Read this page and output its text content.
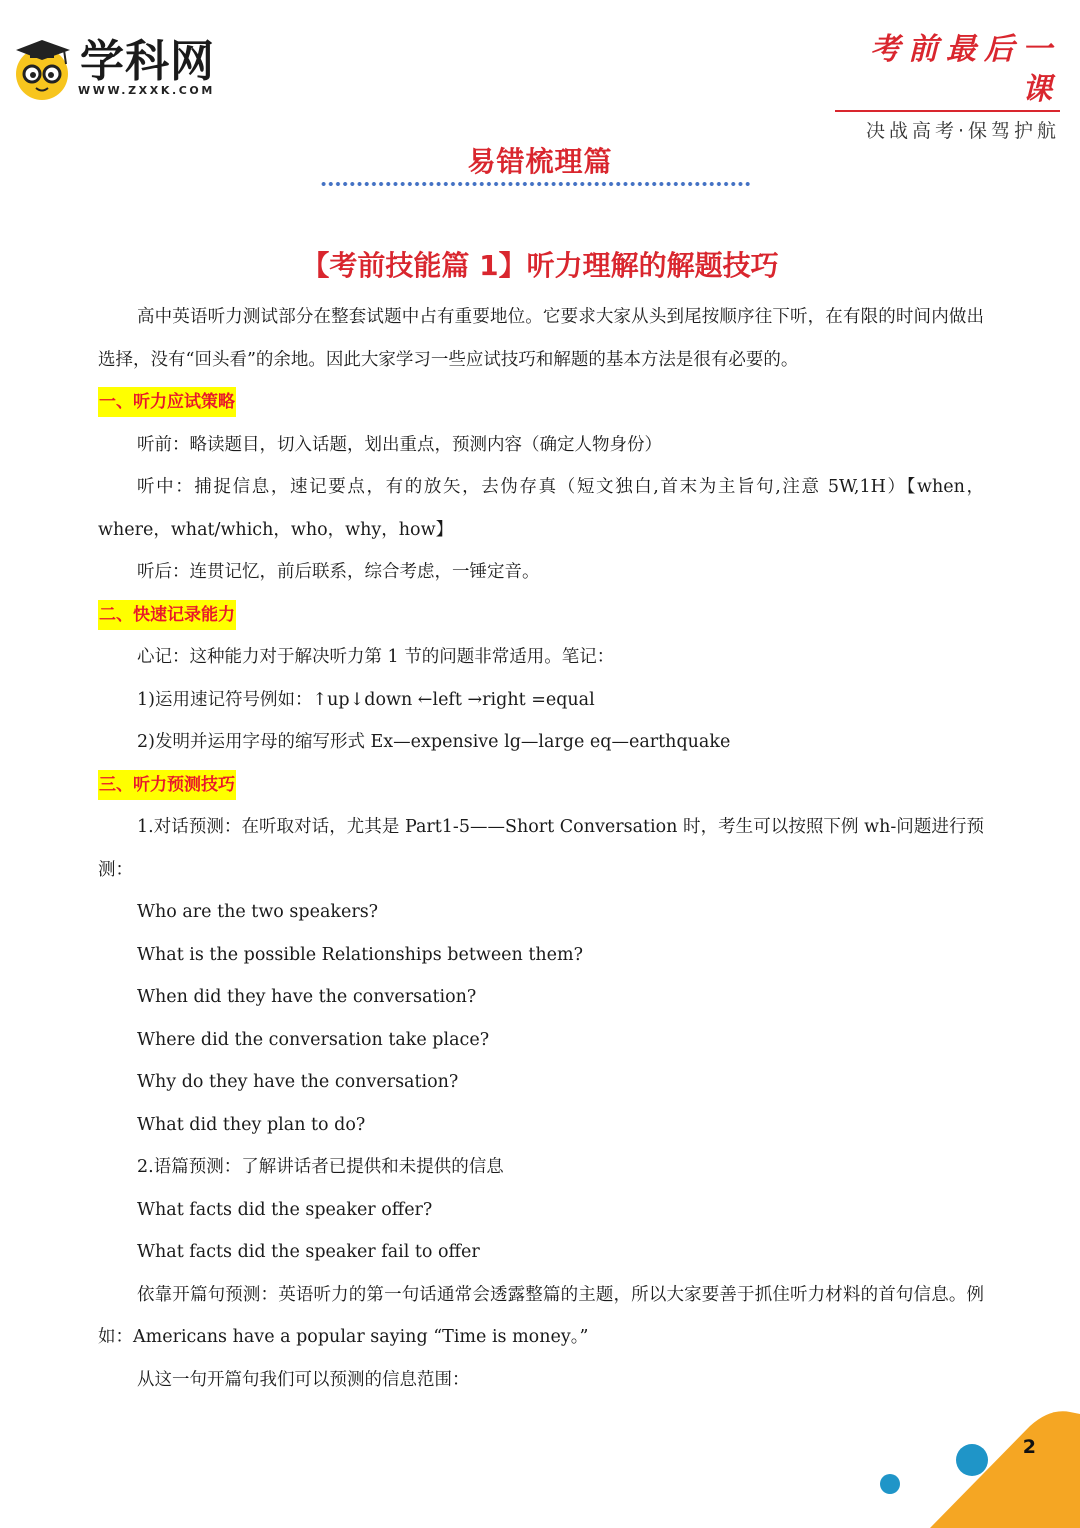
学科网
WWW.ZXXK.COM
考前最后一课
决战高考·保驾护航
易错梳理篇
【考前技能篇 1】听力理解的解题技巧

高中英语听力测试部分在整套试题中占有重要地位。它要求大家从头到尾按顺序往下听，在有限的时间内做出选择，没有“回头看”的余地。因此大家学习一些应试技巧和解题的基本方法是很有必要的。

一、听力应试策略

听前：略读题目，切入话题，划出重点，预测内容（确定人物身份）

听中：捕捉信息，速记要点，有的放矢，去伪存真（短文独白,首末为主旨句,注意 5W,1H）【when，where，what/which，who，why，how】

听后：连贯记忆，前后联系，综合考虑，一锤定音。

二、快速记录能力

心记：这种能力对于解决听力第 1 节的问题非常适用。笔记：

1)运用速记符号例如：↑up↓down ←left →right =equal

2)发明并运用字母的缩写形式 Ex—expensive lg—large eq—earthquake

三、听力预测技巧

1.对话预测：在听取对话，尤其是 Part1-5——Short Conversation 时，考生可以按照下例 wh-问题进行预测：

Who are the two speakers?

What is the possible Relationships between them?

When did they have the conversation?

Where did the conversation take place?

Why do they have the conversation?

What did they plan to do?

2.语篇预测：了解讲话者已提供和未提供的信息

What facts did the speaker offer?

What facts did the speaker fail to offer

依靠开篇句预测：英语听力的第一句话通常会透露整篇的主题，所以大家要善于抓住听力材料的首句信息。例如：Americans have a popular saying “Time is money。”

从这一句开篇句我们可以预测的信息范围：

2
